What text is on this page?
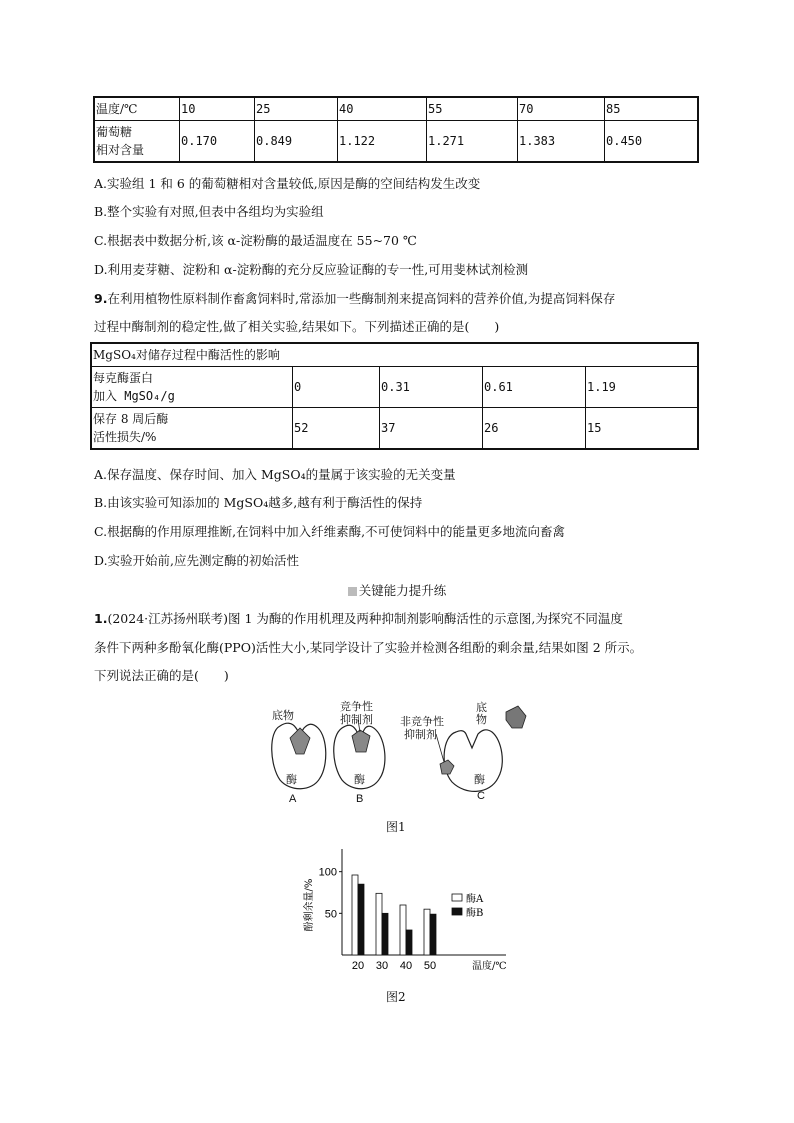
温度/℃	10	25	40	55	70	85

葡萄糖
相对含量	0.170	0.849	1.122	1.271	1.383	0.450
A.实验组 1 和 6 的葡萄糖相对含量较低,原因是酶的空间结构发生改变
B.整个实验有对照,但表中各组均为实验组
C.根据表中数据分析,该 α-淀粉酶的最适温度在 55~70 ℃
D.利用麦芽糖、淀粉和 α-淀粉酶的充分反应验证酶的专一性,可用斐林试剂检测
9.在利用植物性原料制作畜禽饲料时,常添加一些酶制剂来提高饲料的营养价值,为提高饲料保存
过程中酶制剂的稳定性,做了相关实验,结果如下。下列描述正确的是(　　)
MgSO₄对储存过程中酶活性的影响				

每克酶蛋白
加入 MgSO₄/g	0	0.31	0.61	1.19

保存 8 周后酶
活性损失/%	52	37	26	15
A.保存温度、保存时间、加入 MgSO₄的量属于该实验的无关变量
B.由该实验可知添加的 MgSO₄越多,越有利于酶活性的保持
C.根据酶的作用原理推断,在饲料中加入纤维素酶,不可使饲料中的能量更多地流向畜禽
D.实验开始前,应先测定酶的初始活性
关键能力提升练
1.(2024·江苏扬州联考)图 1 为酶的作用机理及两种抑制剂影响酶活性的示意图,为探究不同温度
条件下两种多酚氧化酶(PPO)活性大小,某同学设计了实验并检测各组酚的剩余量,结果如图 2 所示。
下列说法正确的是(　　)
底物
竞争性
抑制剂 非竞争性
抑制剂
底物
酶	酶	酶
A	B	C
图1
50
100
酚剩余量/%
20 30 40 50	温度/℃
酶A
酶B
图2
